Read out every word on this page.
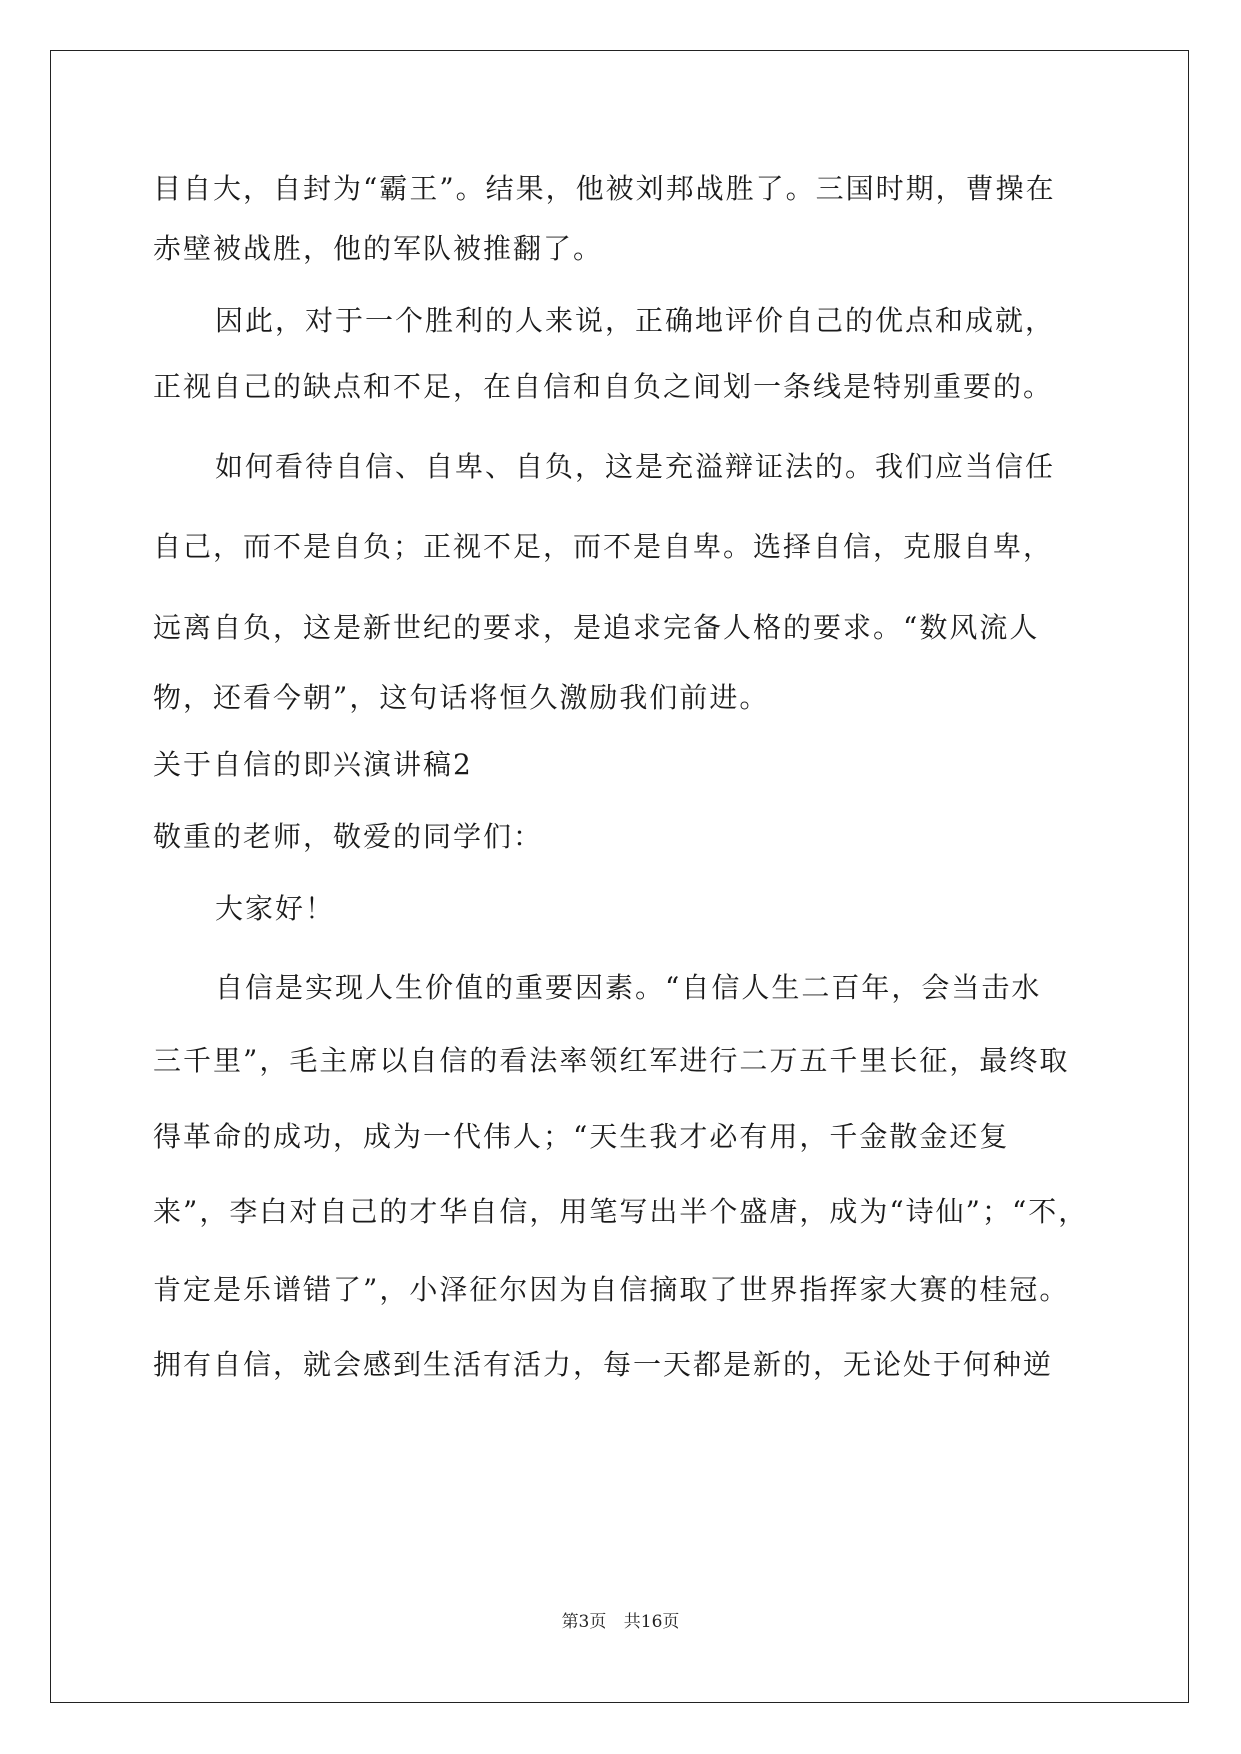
目自大，自封为“霸王”。结果，他被刘邦战胜了。三国时期，曹操在
赤壁被战胜，他的军队被推翻了。
因此，对于一个胜利的人来说，正确地评价自己的优点和成就，
正视自己的缺点和不足，在自信和自负之间划一条线是特别重要的。
如何看待自信、自卑、自负，这是充溢辩证法的。我们应当信任
自己，而不是自负；正视不足，而不是自卑。选择自信，克服自卑，
远离自负，这是新世纪的要求，是追求完备人格的要求。“数风流人
物，还看今朝”，这句话将恒久激励我们前进。
关于自信的即兴演讲稿2
敬重的老师，敬爱的同学们：
大家好！
自信是实现人生价值的重要因素。“自信人生二百年，会当击水
三千里”，毛主席以自信的看法率领红军进行二万五千里长征，最终取
得革命的成功，成为一代伟人；“天生我才必有用，千金散金还复
来”，李白对自己的才华自信，用笔写出半个盛唐，成为“诗仙”；“不，
肯定是乐谱错了”，小泽征尔因为自信摘取了世界指挥家大赛的桂冠。
拥有自信，就会感到生活有活力，每一天都是新的，无论处于何种逆
第3页 共16页
